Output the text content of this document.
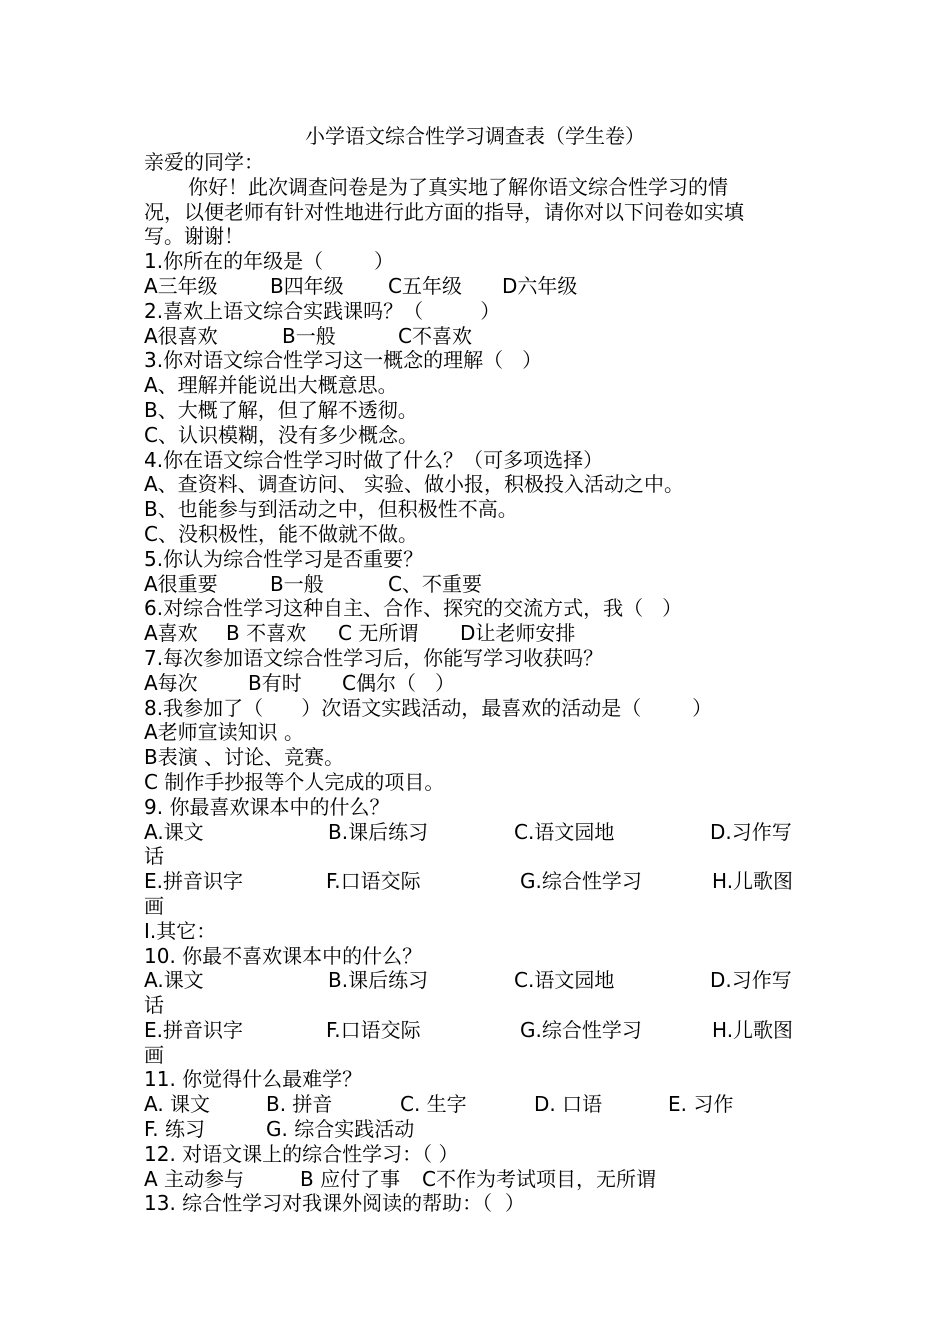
小学语文综合性学习调查表（学生卷）
亲爱的同学：
你好！此次调查问卷是为了真实地了解你语文综合性学习的情
况，以便老师有针对性地进行此方面的指导，请你对以下问卷如实填
写。谢谢！
1.你所在的年级是（        ）
A三年级	B四年级 C五年级 D六年级
2.喜欢上语文综合实践课吗？（         ）
A很喜欢	B一般	C不喜欢
3.你对语文综合性学习这一概念的理解（   ）
A、理解并能说出大概意思。
B、大概了解，但了解不透彻。
C、认识模糊，没有多少概念。
4.你在语文综合性学习时做了什么？（可多项选择）
A、查资料、调查访问、 实验、做小报，积极投入活动之中。
B、也能参与到活动之中，但积极性不高。
C、没积极性，能不做就不做。
5.你认为综合性学习是否重要？
A很重要	B一般	C、不重要
6.对综合性学习这种自主、合作、探究的交流方式，我（   ）
A喜欢 B 不喜欢 C 无所谓 D让老师安排
7.每次参加语文综合性学习后，你能写学习收获吗？
A每次	B有时 C偶尔（   ）
8.我参加了（      ）次语文实践活动，最喜欢的活动是（        ）
A老师宣读知识 。
B表演 、讨论、竞赛。
C 制作手抄报等个人完成的项目。
9. 你最喜欢课本中的什么？
A.课文	B.课后练习	C.语文园地	D.习作写
话
E.拼音识字	F.口语交际	G.综合性学习	H.儿歌图
画
I.其它：
10. 你最不喜欢课本中的什么？
A.课文	B.课后练习	C.语文园地	D.习作写
话
E.拼音识字	F.口语交际	G.综合性学习	H.儿歌图
画
11. 你觉得什么最难学？
A. 课文	B. 拼音	C. 生字	D. 口语	E. 习作
F. 练习	G. 综合实践活动
12. 对语文课上的综合性学习：（ ）
A 主动参与	B 应付了事 C不作为考试项目，无所谓
13. 综合性学习对我课外阅读的帮助：（  ）
